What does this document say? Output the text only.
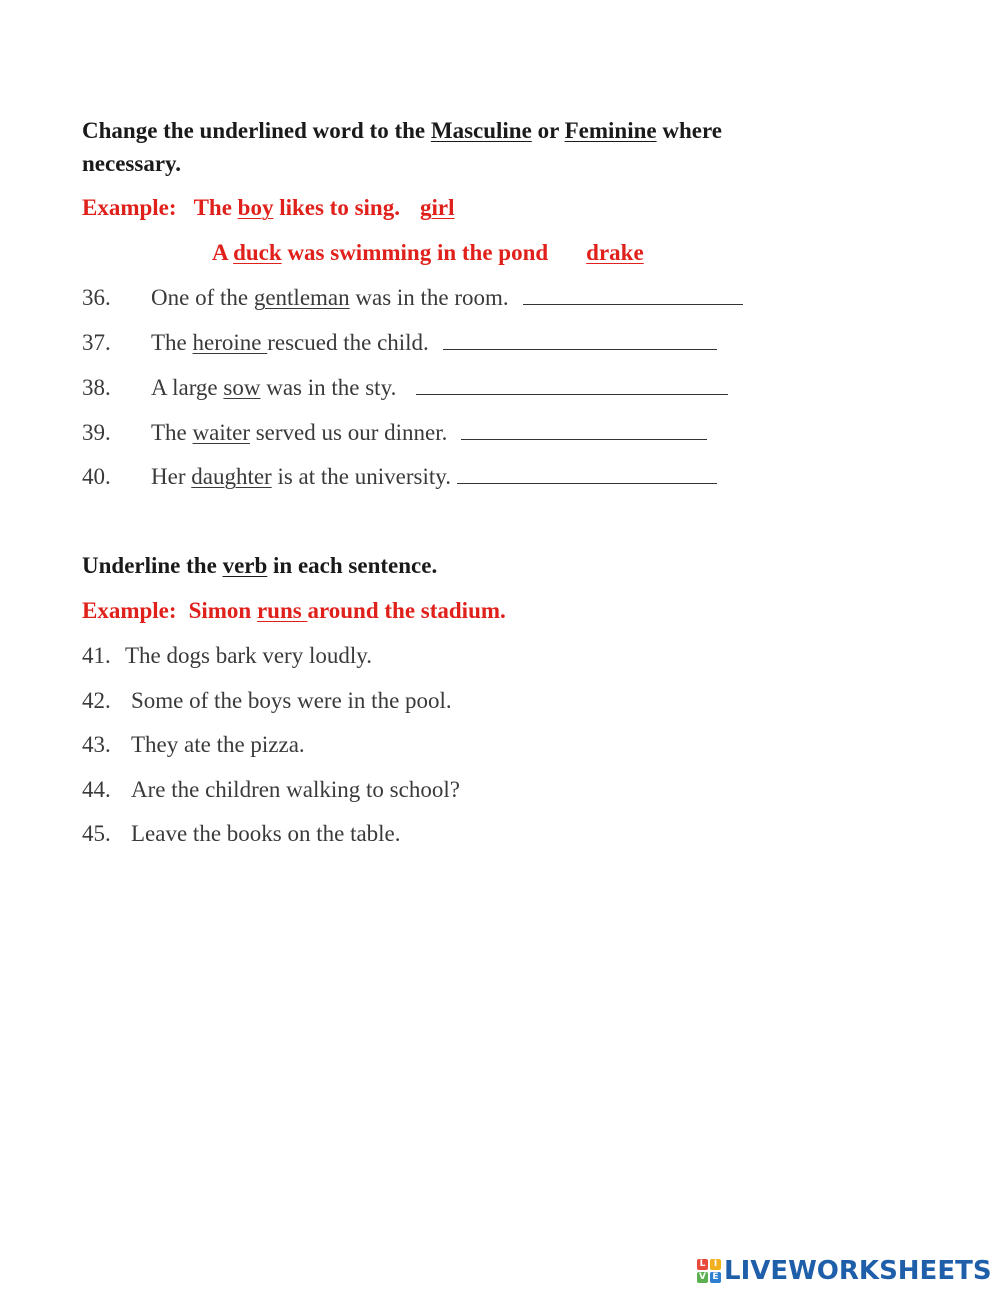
Change the underlined word to the Masculine or Feminine where
necessary.
Example: The boy likes to sing. girl
A duck was swimming in the pond drake
36. One of the gentleman was in the room.
37. The heroine rescued the child.
38. A large sow was in the sty.
39. The waiter served us our dinner.
40. Her daughter is at the university.
Underline the verb in each sentence.
Example: Simon runs around the stadium.
41. The dogs bark very loudly.
42. Some of the boys were in the pool.
43. They ate the pizza.
44. Are the children walking to school?
45. Leave the books on the table.
L I
V E LIVEWORKSHEETS
